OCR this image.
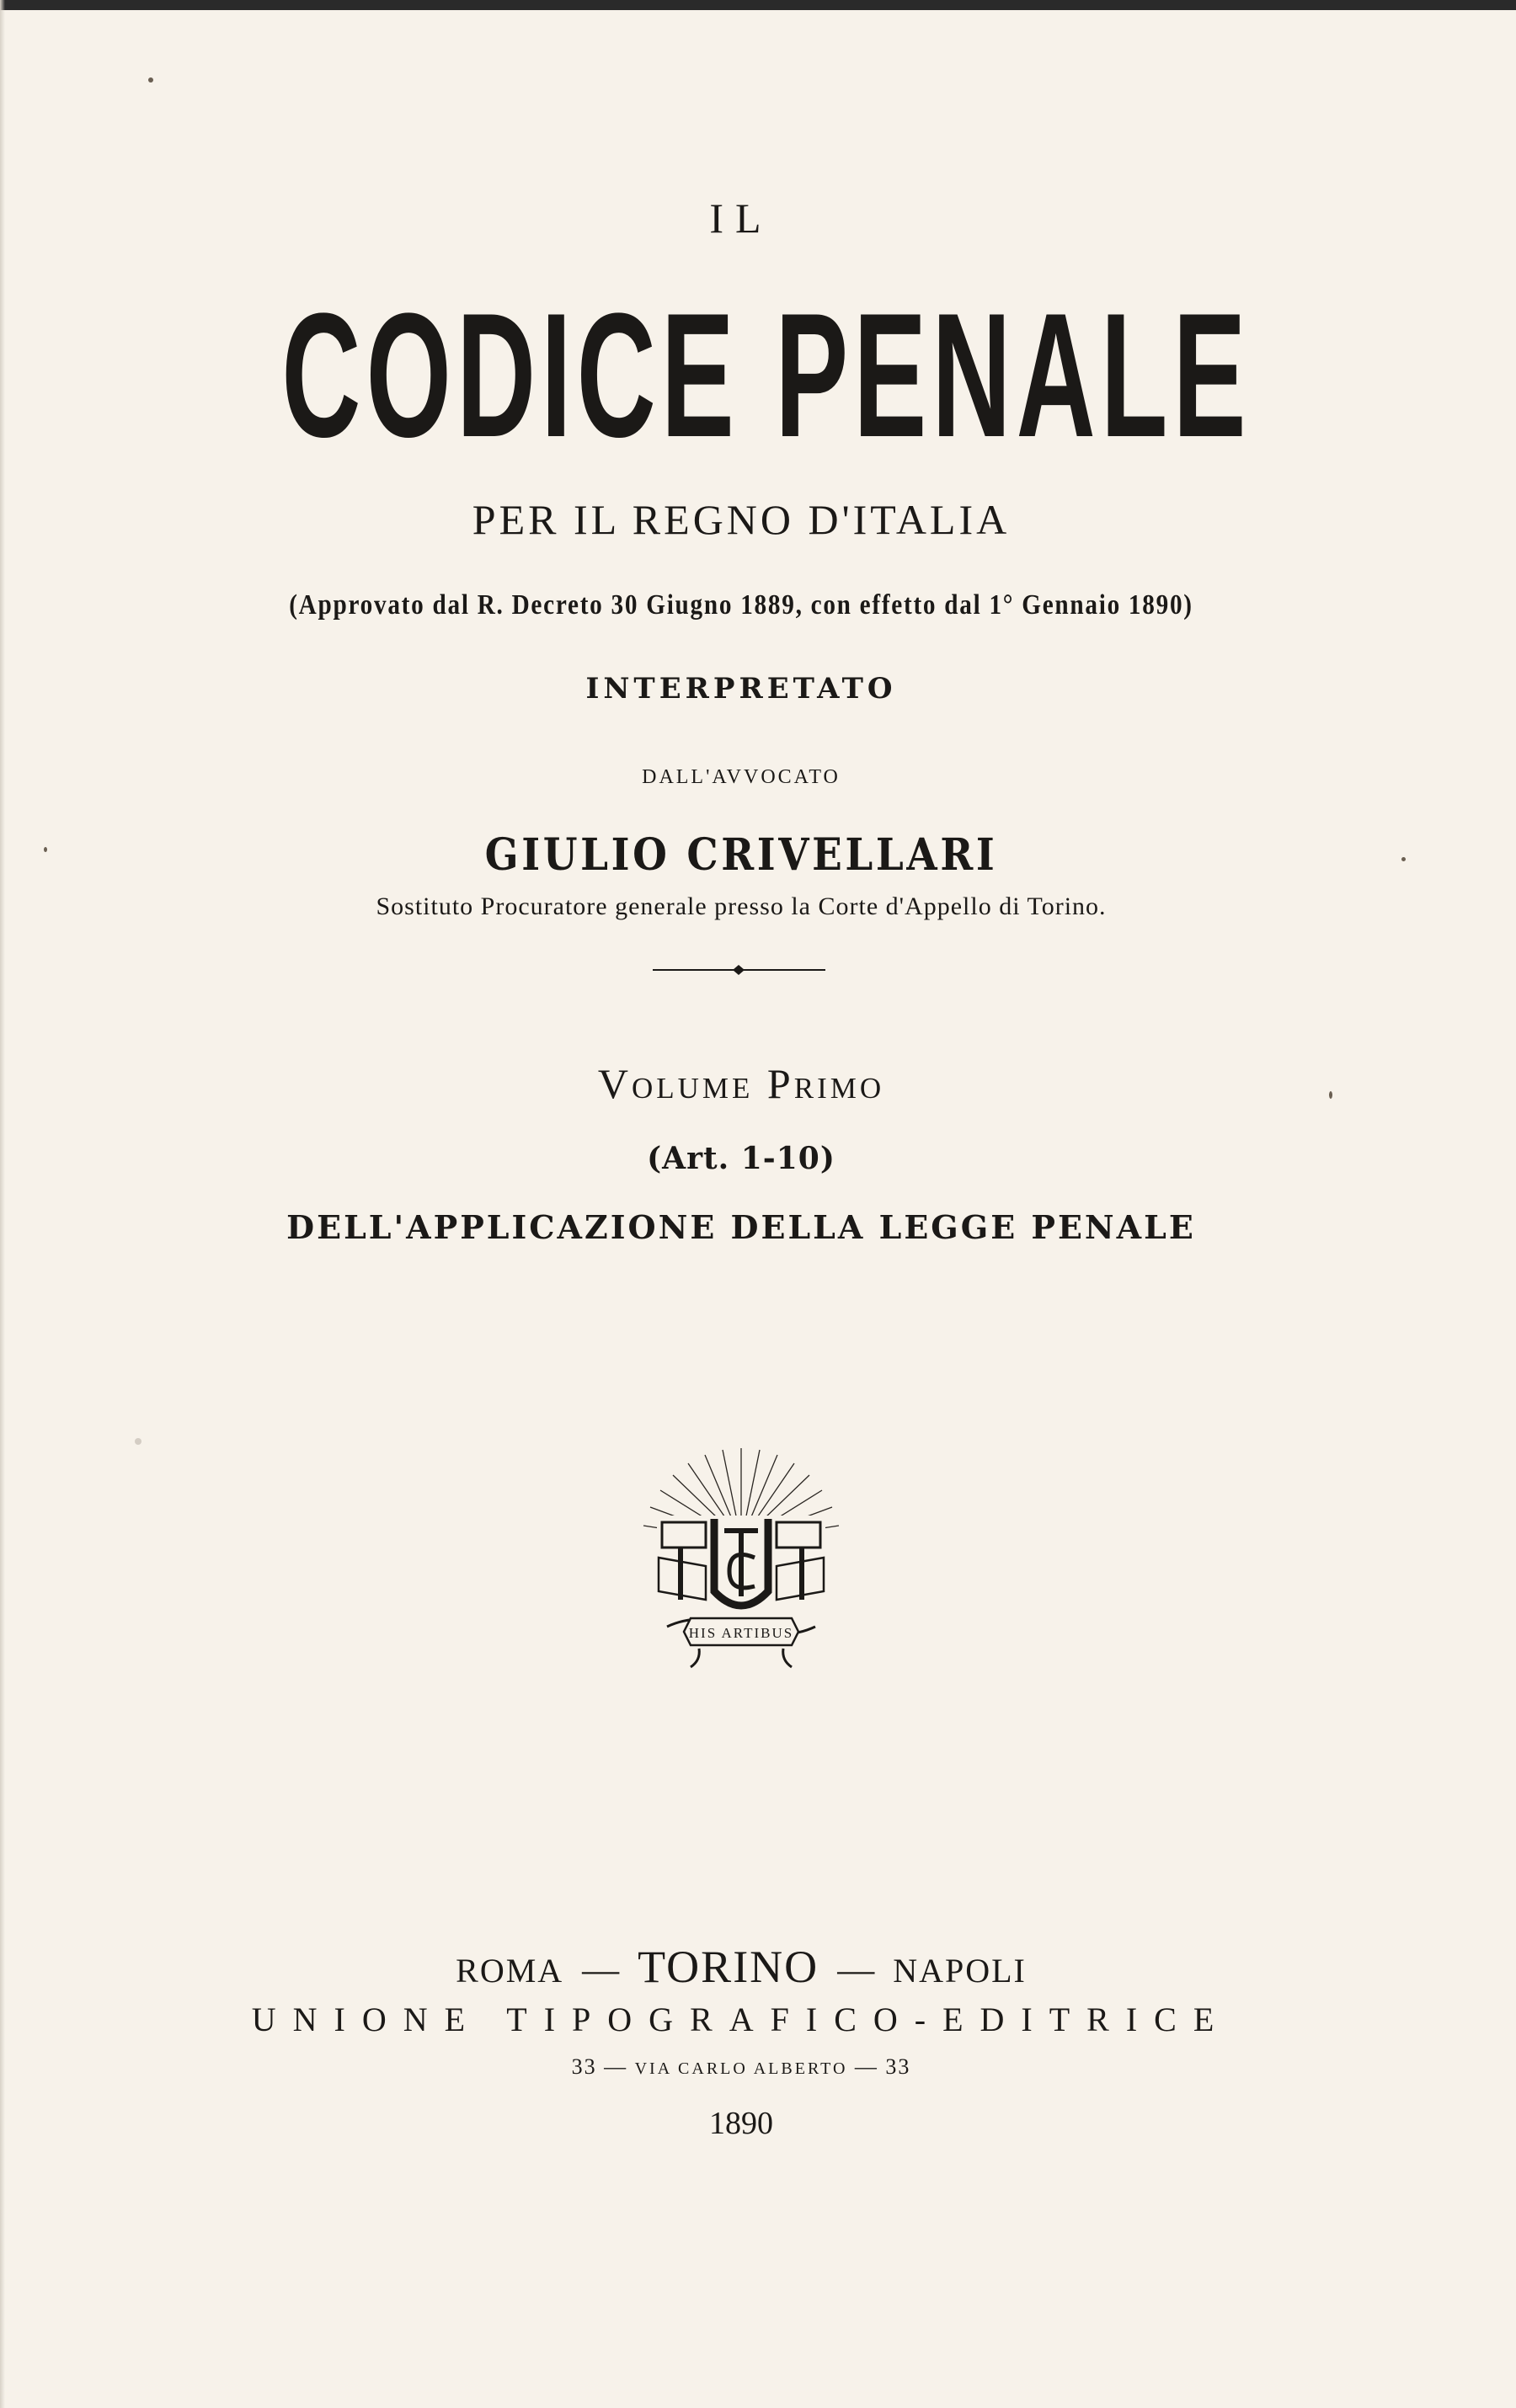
IL
CODICE PENALE
PER IL REGNO D'ITALIA
(Approvato dal R. Decreto 30 Giugno 1889, con effetto dal 1° Gennaio 1890)
INTERPRETATO
DALL'AVVOCATO
GIULIO CRIVELLARI
Sostituto Procuratore generale presso la Corte d'Appello di Torino.
Volume Primo
(Art. 1-10)
DELL'APPLICAZIONE DELLA LEGGE PENALE
HIS ARTIBUS
ROMA — TORINO — NAPOLI
UNIONE TIPOGRAFICO-EDITRICE
33 — VIA CARLO ALBERTO — 33
1890
